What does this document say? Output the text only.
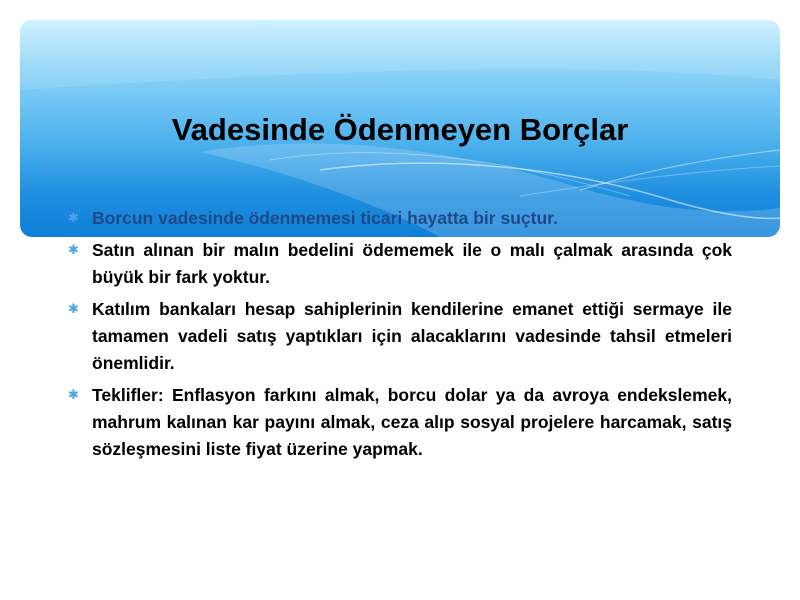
Vadesinde Ödenmeyen Borçlar
✱ Borcun vadesinde ödenmemesi ticari hayatta bir suçtur.
✱ Satın alınan bir malın bedelini ödememek ile o malı çalmak arasında çok büyük bir fark yoktur.
✱ Katılım bankaları hesap sahiplerinin kendilerine emanet ettiği sermaye ile tamamen vadeli satış yaptıkları için alacaklarını vadesinde tahsil etmeleri önemlidir.
✱ Teklifler: Enflasyon farkını almak, borcu dolar ya da avroya endekslemek, mahrum kalınan kar payını almak, ceza alıp sosyal projelere harcamak, satış sözleşmesini liste fiyat üzerine yapmak.
